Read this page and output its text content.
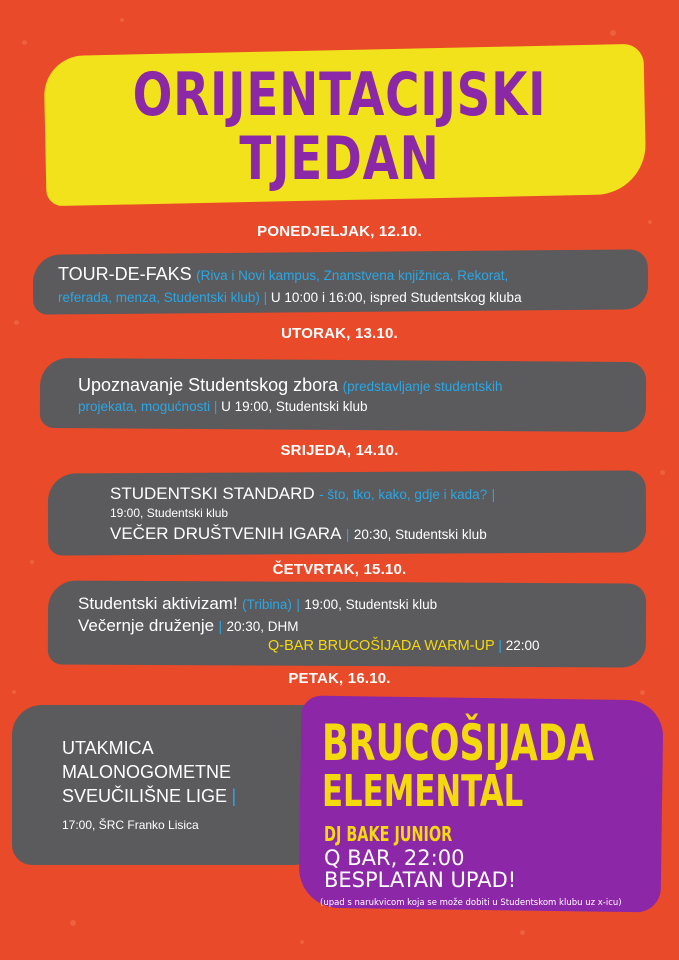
ORIJENTACIJSKI
TJEDAN
PONEDJELJAK, 12.10.
TOUR-DE-FAKS (Riva i Novi kampus, Znanstvena knjižnica, Rekorat,
referada, menza, Studentski klub) | U 10:00 i 16:00, ispred Studentskog kluba
UTORAK, 13.10.
Upoznavanje Studentskog zbora (predstavljanje studentskih
projekata, mogućnosti | U 19:00, Studentski klub
SRIJEDA, 14.10.
STUDENTSKI STANDARD - što, tko, kako, gdje i kada? |
19:00, Studentski klub
VEČER DRUŠTVENIH IGARA | 20:30, Studentski klub
ČETVRTAK, 15.10.
Studentski aktivizam! (Tribina) | 19:00, Studentski klub
Večernje druženje | 20:30, DHM
Q-BAR BRUCOŠIJADA WARM-UP | 22:00
PETAK, 16.10.
UTAKMICA
MALONOGOMETNE
SVEUČILIŠNE LIGE |
17:00, ŠRC Franko Lisica
BRUCOŠIJADA
ELEMENTAL
DJ BAKE JUNIOR
Q BAR, 22:00
BESPLATAN UPAD!
(upad s narukvicom koja se može dobiti u Studentskom klubu uz x-icu)
